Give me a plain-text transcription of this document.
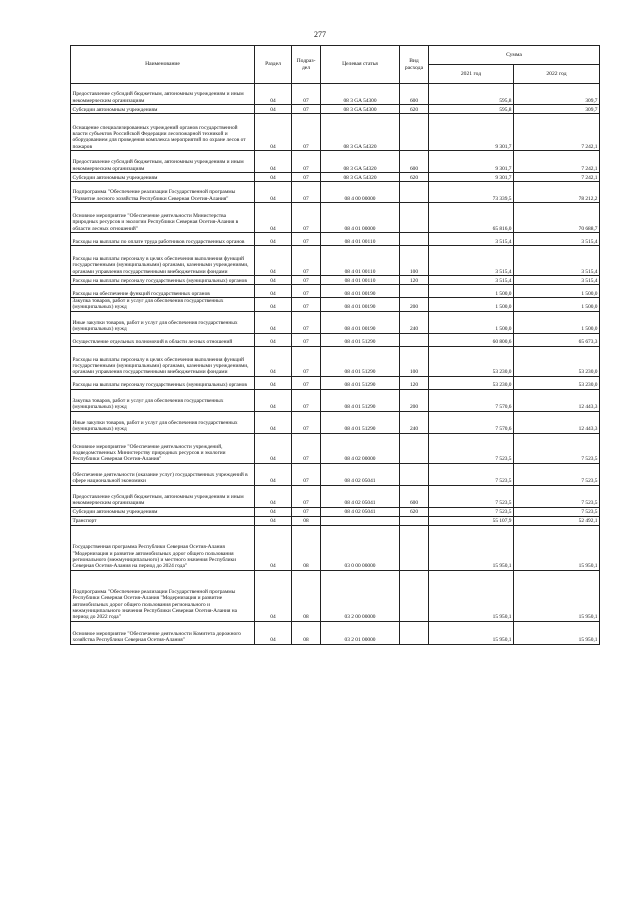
277
Наименование	Раздел	Подраз-дел	Целевая статья	Вид расхода	Сумма	
					2021 год	2022 год
Предоставление субсидий бюджетным, автономным учреждениям и иным некоммерческим организациям	04	07	08 3 GA 54300	600	595,8	309,7
Субсидии автономным учреждениям	04	07	08 3 GA 54300	620	595,8	309,7
Оснащение специализированных учреждений органов государственной власти субъектов Российской Федерации лесопожарной техникой и оборудованием для проведения комплекса мероприятий по охране лесов от пожаров	04	07	08 3 GA 54320		9 301,7	7 242,1
Предоставление субсидий бюджетным, автономным учреждениям и иным некоммерческим организациям	04	07	08 3 GA 54320	600	9 301,7	7 242,1
Субсидии автономным учреждениям	04	07	08 3 GA 54320	620	9 301,7	7 242,1
Подпрограмма "Обеспечение реализации Государственной программы "Развитие лесного хозяйства Республики Северная Осетия-Алания"	04	07	08 4 00 00000		73 339,5	78 212,2
Основное мероприятие "Обеспечение деятельности Министерства природных ресурсов и экологии Республики Северная Осетия-Алания в области лесных отношений"	04	07	08 4 01 00000		65 816,0	70 688,7
Расходы на выплаты по оплате труда работников государственных органов	04	07	08 4 01 00110		3 515,4	3 515,4
Расходы на выплаты персоналу в целях обеспечения выполнения функций государственными (муниципальными) органами, казенными учреждениями, органами управления государственными внебюджетными фондами	04	07	08 4 01 00110	100	3 515,4	3 515,4
Расходы на выплаты персоналу государственных (муниципальных) органов	04	07	08 4 01 00110	120	3 515,4	3 515,4
Расходы на обеспечение функций государственных органов	04	07	08 4 01 00190		1 500,0	1 500,0
Закупка товаров, работ и услуг для обеспечения государственных (муниципальных) нужд	04	07	08 4 01 00190	200	1 500,0	1 500,0
Иные закупки товаров, работ и услуг для обеспечения государственных (муниципальных) нужд	04	07	08 4 01 00190	240	1 500,0	1 500,0
Осуществление отдельных полномочий в области лесных отношений	04	07	08 4 01 51290		60 800,6	65 673,3
Расходы на выплаты персоналу в целях обеспечения выполнения функций государственными (муниципальными) органами, казенными учреждениями, органами управления государственными внебюджетными фондами	04	07	08 4 01 51290	100	53 230,0	53 230,0
Расходы на выплаты персоналу государственных (муниципальных) органов	04	07	08 4 01 51290	120	53 230,0	53 230,0
Закупка товаров, работ и услуг для обеспечения государственных (муниципальных) нужд	04	07	08 4 01 51290	200	7 570,6	12 443,3
Иные закупки товаров, работ и услуг для обеспечения государственных (муниципальных) нужд	04	07	08 4 01 51290	240	7 570,6	12 443,3
Основное мероприятие "Обеспечение деятельности учреждений, подведомственных Министерству природных ресурсов и экологии Республики Северная Осетия-Алания"	04	07	08 4 02 00000		7 523,5	7 523,5
Обеспечение деятельности (оказание услуг) государственных учреждений в сфере национальной экономики	04	07	08 4 02 05041		7 523,5	7 523,5
Предоставление субсидий бюджетным, автономным учреждениям и иным некоммерческим организациям	04	07	08 4 02 05041	600	7 523,5	7 523,5
Субсидии автономным учреждениям	04	07	08 4 02 05041	620	7 523,5	7 523,5
Транспорт	04	08			55 107,9	52 492,1
Государственная программа Республики Северная Осетия-Алания "Модернизация и развитие автомобильных дорог общего пользования регионального (межмуниципального) и местного значения Республики Северная Осетия-Алания на период до 2024 года"	04	08	03 0 00 00000		15 950,1	15 950,1
Подпрограмма "Обеспечение реализации Государственной программы Республики Северная Осетия-Алания "Модернизация и развитие автомобильных дорог общего пользования регионального и межмуниципального значения Республики Северная Осетия-Алания на период до 2022 года"	04	08	03 2 00 00000		15 950,1	15 950,1
Основное мероприятие "Обеспечение деятельности Комитета дорожного хозяйства Республики Северная Осетия-Алания"	04	08	03 2 01 00000		15 950,1	15 950,1
